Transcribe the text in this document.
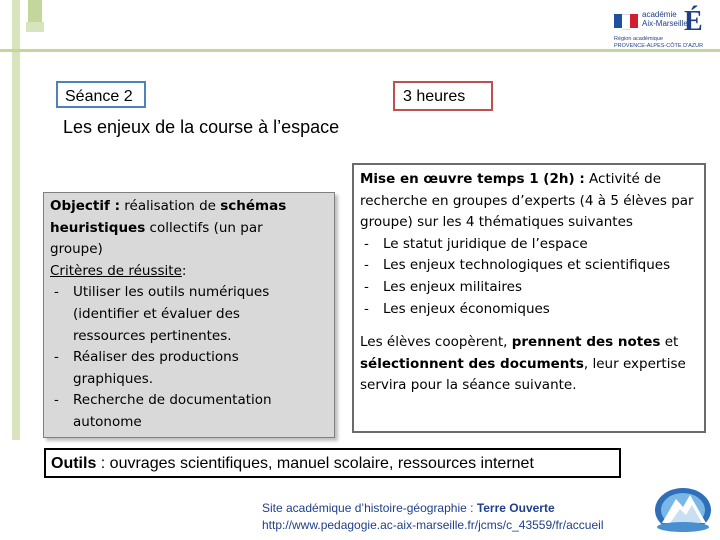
académie
Aix-Marseille
É
Région académique
PROVENCE-ALPES-CÔTE D'AZUR
Séance 2	3 heures
Les enjeux de la course à l’espace
Objectif : réalisation de schémas heuristiques collectifs (un par groupe)
Critères de réussite:
- Utiliser les outils numériques (identifier et évaluer des ressources pertinentes.
- Réaliser des productions graphiques.
- Recherche de documentation autonome
Mise en œuvre temps 1 (2h) : Activité de recherche en groupes d’experts (4 à 5 élèves par groupe) sur les 4 thématiques suivantes
- Le statut juridique de l’espace
- Les enjeux technologiques et scientifiques
- Les enjeux militaires
- Les enjeux économiques
Les élèves coopèrent, prennent des notes et sélectionnent des documents, leur expertise servira pour la séance suivante.
Outils : ouvrages scientifiques, manuel scolaire, ressources internet
Site académique d’histoire-géographie : Terre Ouverte
http://www.pedagogie.ac-aix-marseille.fr/jcms/c_43559/fr/accueil
